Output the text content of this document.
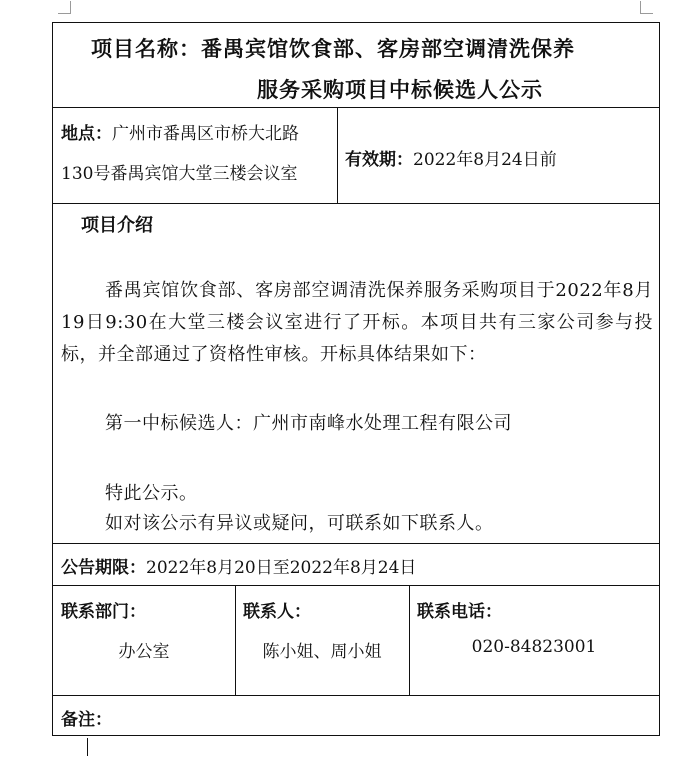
项目名称：番禺宾馆饮食部、客房部空调清洗保养
服务采购项目中标候选人公示
地点：广州市番禺区市桥大北路
130号番禺宾馆大堂三楼会议室
有效期：2022年8月24日前
项目介绍
番禺宾馆饮食部、客房部空调清洗保养服务采购项目于2022年8月19日9:30在大堂三楼会议室进行了开标。本项目共有三家公司参与投标，并全部通过了资格性审核。开标具体结果如下：
第一中标候选人：广州市南峰水处理工程有限公司
特此公示。
如对该公示有异议或疑问，可联系如下联系人。
公告期限：2022年8月20日至2022年8月24日
联系部门：
办公室
联系人：
陈小姐、周小姐
联系电话：
020-84823001
备注：
